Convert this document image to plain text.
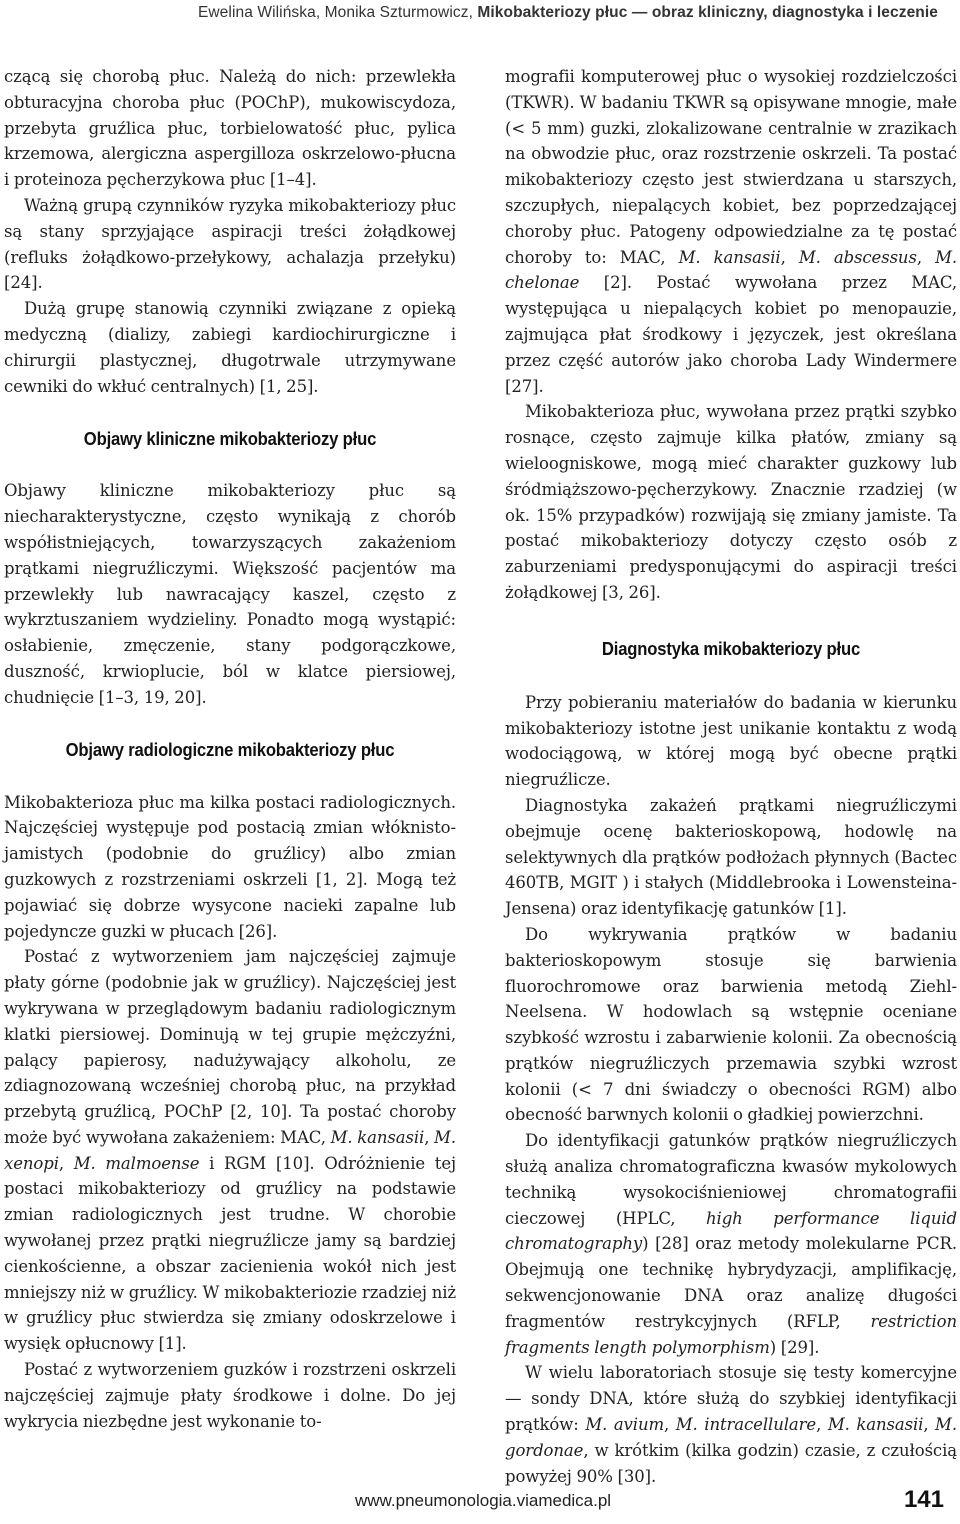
Ewelina Wilińska, Monika Szturmowicz, Mikobakteriozy płuc — obraz kliniczny, diagnostyka i leczenie

czącą się chorobą płuc. Należą do nich: przewlekła obturacyjna choroba płuc (POChP), mukowiscydoza, przebyta gruźlica płuc, torbielowatość płuc, pylica krzemowa, alergiczna aspergilloza oskrzelowo-płucna i proteinoza pęcherzykowa płuc [1–4].

Ważną grupą czynników ryzyka mikobakteriozy płuc są stany sprzyjające aspiracji treści żołądkowej (refluks żołądkowo-przełykowy, achalazja przełyku) [24].

Dużą grupę stanowią czynniki związane z opieką medyczną (dializy, zabiegi kardiochirurgiczne i chirurgii plastycznej, długotrwale utrzymywane cewniki do wkłuć centralnych) [1, 25].

Objawy kliniczne mikobakteriozy płuc

Objawy kliniczne mikobakteriozy płuc są niecharakterystyczne, często wynikają z chorób współistniejących, towarzyszących zakażeniom prątkami niegruźliczymi. Większość pacjentów ma przewlekły lub nawracający kaszel, często z wykrztuszaniem wydzieliny. Ponadto mogą wystąpić: osłabienie, zmęczenie, stany podgorączkowe, duszność, krwioplucie, ból w klatce piersiowej, chudnięcie [1–3, 19, 20].

Objawy radiologiczne mikobakteriozy płuc

Mikobakterioza płuc ma kilka postaci radiologicznych. Najczęściej występuje pod postacią zmian włóknisto-jamistych (podobnie do gruźlicy) albo zmian guzkowych z rozstrzeniami oskrzeli [1, 2]. Mogą też pojawiać się dobrze wysycone nacieki zapalne lub pojedyncze guzki w płucach [26].

Postać z wytworzeniem jam najczęściej zajmuje płaty górne (podobnie jak w gruźlicy). Najczęściej jest wykrywana w przeglądowym badaniu radiologicznym klatki piersiowej. Dominują w tej grupie mężczyźni, palący papierosy, nadużywający alkoholu, ze zdiagnozowaną wcześniej chorobą płuc, na przykład przebytą gruźlicą, POChP [2, 10]. Ta postać choroby może być wywołana zakażeniem: MAC, M. kansasii, M. xenopi, M. malmoense i RGM [10]. Odróżnienie tej postaci mikobakteriozy od gruźlicy na podstawie zmian radiologicznych jest trudne. W chorobie wywołanej przez prątki niegruźlicze jamy są bardziej cienkościenne, a obszar zacienienia wokół nich jest mniejszy niż w gruźlicy. W mikobakteriozie rzadziej niż w gruźlicy płuc stwierdza się zmiany odoskrzelowe i wysięk opłucnowy [1].

Postać z wytworzeniem guzków i rozstrzeni oskrzeli najczęściej zajmuje płaty środkowe i dolne. Do jej wykrycia niezbędne jest wykonanie to-

mografii komputerowej płuc o wysokiej rozdzielczości (TKWR). W badaniu TKWR są opisywane mnogie, małe (< 5 mm) guzki, zlokalizowane centralnie w zrazikach na obwodzie płuc, oraz rozstrzenie oskrzeli. Ta postać mikobakteriozy często jest stwierdzana u starszych, szczupłych, niepalących kobiet, bez poprzedzającej choroby płuc. Patogeny odpowiedzialne za tę postać choroby to: MAC, M. kansasii, M. abscessus, M. chelonae [2]. Postać wywołana przez MAC, występująca u niepalących kobiet po menopauzie, zajmująca płat środkowy i języczek, jest określana przez część autorów jako choroba Lady Windermere [27].

Mikobakterioza płuc, wywołana przez prątki szybko rosnące, często zajmuje kilka płatów, zmiany są wieloogniskowe, mogą mieć charakter guzkowy lub śródmiąższowo-pęcherzykowy. Znacznie rzadziej (w ok. 15% przypadków) rozwijają się zmiany jamiste. Ta postać mikobakteriozy dotyczy często osób z zaburzeniami predysponującymi do aspiracji treści żołądkowej [3, 26].

Diagnostyka mikobakteriozy płuc

Przy pobieraniu materiałów do badania w kierunku mikobakteriozy istotne jest unikanie kontaktu z wodą wodociągową, w której mogą być obecne prątki niegruźlicze.

Diagnostyka zakażeń prątkami niegruźliczymi obejmuje ocenę bakterioskopową, hodowlę na selektywnych dla prątków podłożach płynnych (Bactec 460TB, MGIT ) i stałych (Middlebrooka i Lowensteina-Jensena) oraz identyfikację gatunków [1].

Do wykrywania prątków w badaniu bakterioskopowym stosuje się barwienia fluorochromowe oraz barwienia metodą Ziehl-Neelsena. W hodowlach są wstępnie oceniane szybkość wzrostu i zabarwienie kolonii. Za obecnością prątków niegruźliczych przemawia szybki wzrost kolonii (< 7 dni świadczy o obecności RGM) albo obecność barwnych kolonii o gładkiej powierzchni.

Do identyfikacji gatunków prątków niegruźliczych służą analiza chromatograficzna kwasów mykolowych techniką wysokociśnieniowej chromatografii cieczowej (HPLC, high performance liquid chromatography) [28] oraz metody molekularne PCR. Obejmują one technikę hybrydyzacji, amplifikację, sekwencjonowanie DNA oraz analizę długości fragmentów restrykcyjnych (RFLP, restriction fragments length polymorphism) [29].

W wielu laboratoriach stosuje się testy komercyjne — sondy DNA, które służą do szybkiej identyfikacji prątków: M. avium, M. intracellulare, M. kansasii, M. gordonae, w krótkim (kilka godzin) czasie, z czułością powyżej 90% [30].

www.pneumonologia.viamedica.pl	141
